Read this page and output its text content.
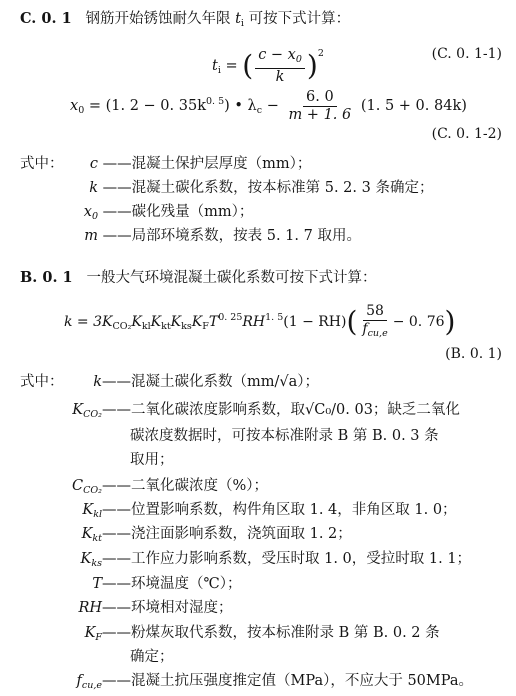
C. 0. 1 钢筋开始锈蚀耐久年限 $t_i$ 可按下式计算：
$t_i$ = ( $\frac{c - x_0}{k} )^2$	(C. 0. 1-1)
$x_0 = (1$. 2 − 0. $35k^{0. 5}$) • $\lambda_c - \frac{6. 0}{m + 1. 6} (1$. 5 + 0. 84k)
(C. 0. 1-2)
式中：	c ——混凝土保护层厚度（mm）；
k ——混凝土碳化系数，按本标准第 5. 2. 3 条确定；
$x_0$ ——碳化残量（mm）；
m ——局部环境系数，按表 5. 1. 7 取用。
B. 0. 1 一般大气环境混凝土碳化系数可按下式计算：
$k = 3K_{CO_2}K_{kl}K_{kt}K_{ks}K_FT^{0. 25}RH^{1. 5}(1 - RH)( \frac{58}{f_{cu,e}} - 0$. 76)
(B. 0. 1)
式中：	k——混凝土碳化系数（mm/√a）；
$K_{CO_2}——$二氧化碳浓度影响系数，取√C₀/0. 03；缺乏二氧化
碳浓度数据时，可按本标准附录 B 第 B. 0. 3 条
取用；
$C_{CO_2}——$二氧化碳浓度（%）；
$K_{kl}——$位置影响系数，构件角区取 1. 4，非角区取 1. 0；
$K_{kt}——$浇注面影响系数，浇筑面取 1. 2；
$K_{ks}——$工作应力影响系数，受压时取 1. 0，受拉时取 1. 1；
T——环境温度（℃）；
RH——环境相对湿度；
$K_F——$粉煤灰取代系数，按本标准附录 B 第 B. 0. 2 条
确定；
$f_{cu,e}——$混凝土抗压强度推定值（MPa），不应大于 50MPa。
